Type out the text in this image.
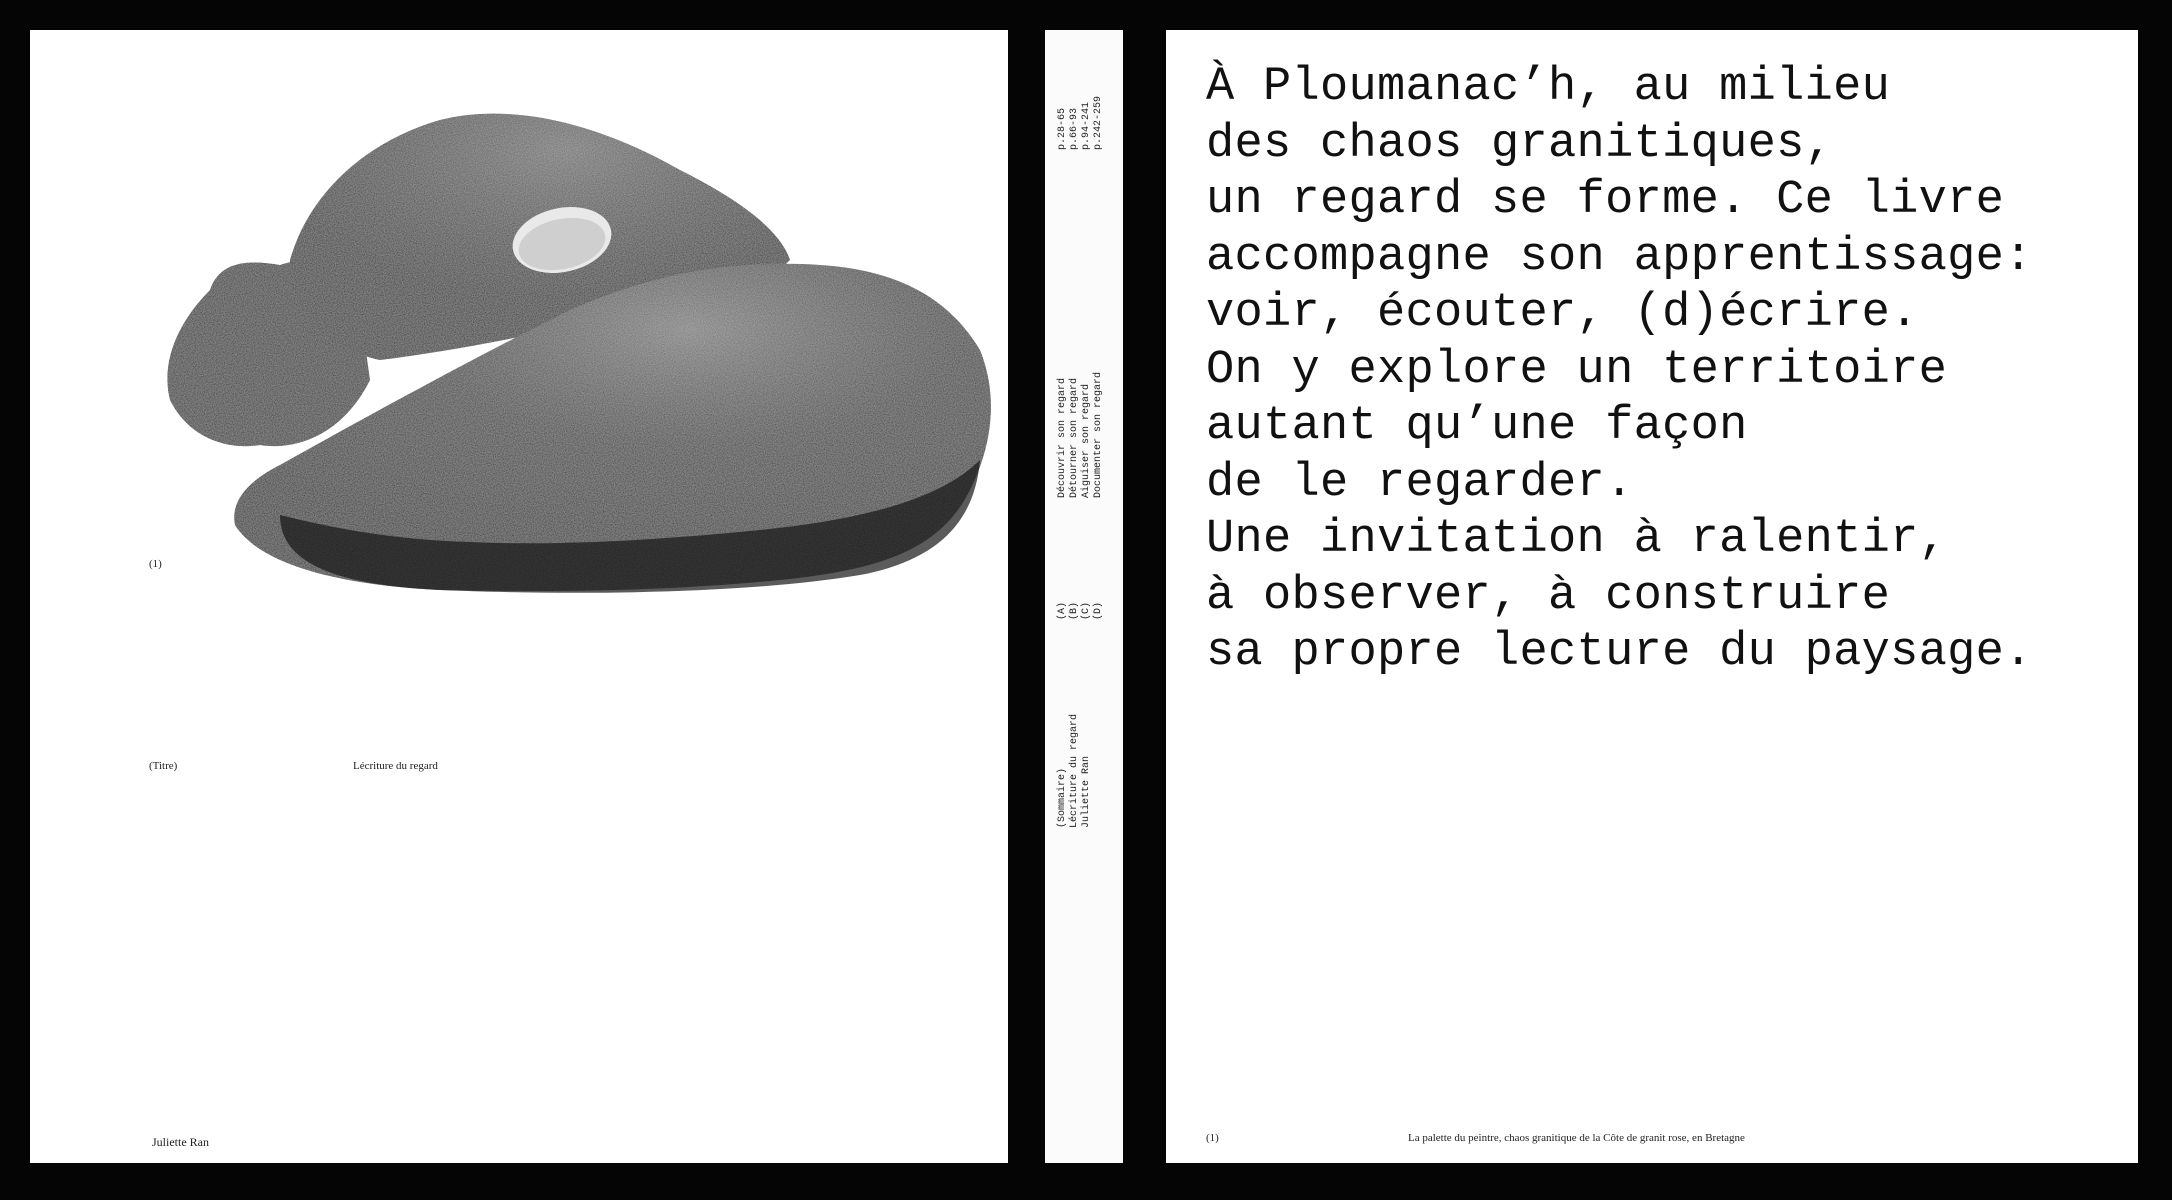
(1)
(Titre)	Lécriture du regard
Juliette Ran
(Sommaire) Lécriture du regard Juliette Ran
(A) (B) (C) (D)
Découvrir son regard Détourner son regard Aiguiser son regard Documenter son regard
p.28-65 p.66-93 p.94-241 p.242-259
À Ploumanac’h, au milieu
des chaos granitiques,
un regard se forme. Ce livre
accompagne son apprentissage:
voir, écouter, (d)écrire.
On y explore un territoire
autant qu’une façon
de le regarder.
Une invitation à ralentir,
à observer, à construire
sa propre lecture du paysage.
(1)	La palette du peintre, chaos granitique de la Côte de granit rose, en Bretagne
